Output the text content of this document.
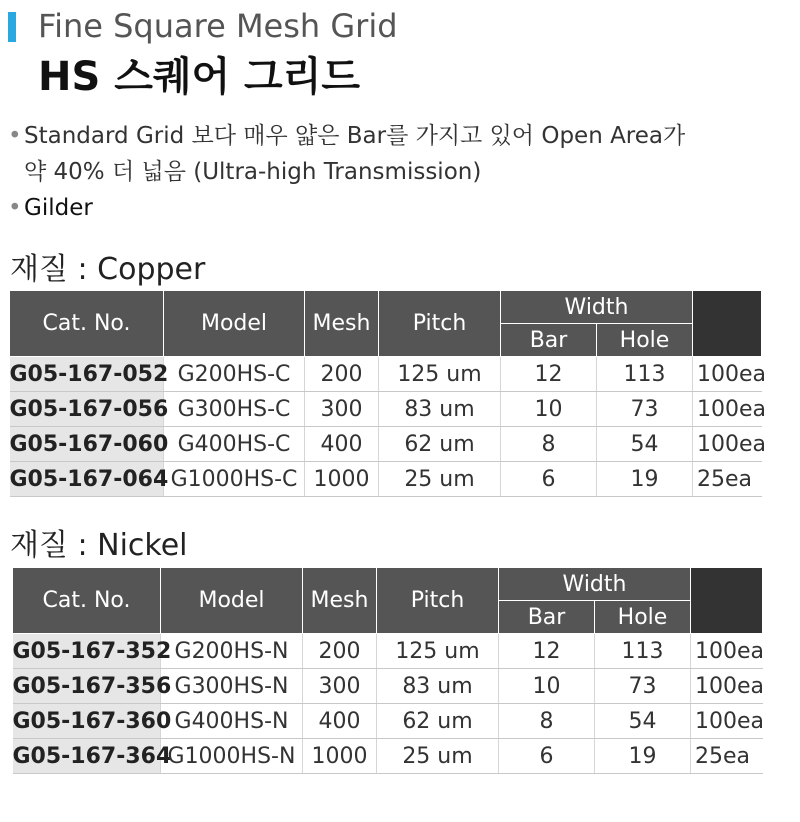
Fine Square Mesh Grid
HS 스퀘어 그리드
• Standard Grid 보다 매우 얇은 Bar를 가지고 있어 Open Area가
약 40% 더 넓음 (Ultra-high Transmission)
• Gilder
재질 : Copper
Cat. No.	Model	Mesh	Pitch	Width		
				Bar	Hole	
G05-167-052	G200HS-C	200	125 um	12	113	100ea
G05-167-056	G300HS-C	300	83 um	10	73	100ea
G05-167-060	G400HS-C	400	62 um	8	54	100ea
G05-167-064	G1000HS-C	1000	25 um	6	19	25ea
재질 : Nickel
Cat. No.	Model	Mesh	Pitch	Width		
				Bar	Hole	
G05-167-352	G200HS-N	200	125 um	12	113	100ea
G05-167-356	G300HS-N	300	83 um	10	73	100ea
G05-167-360	G400HS-N	400	62 um	8	54	100ea
G05-167-364	G1000HS-N	1000	25 um	6	19	25ea
